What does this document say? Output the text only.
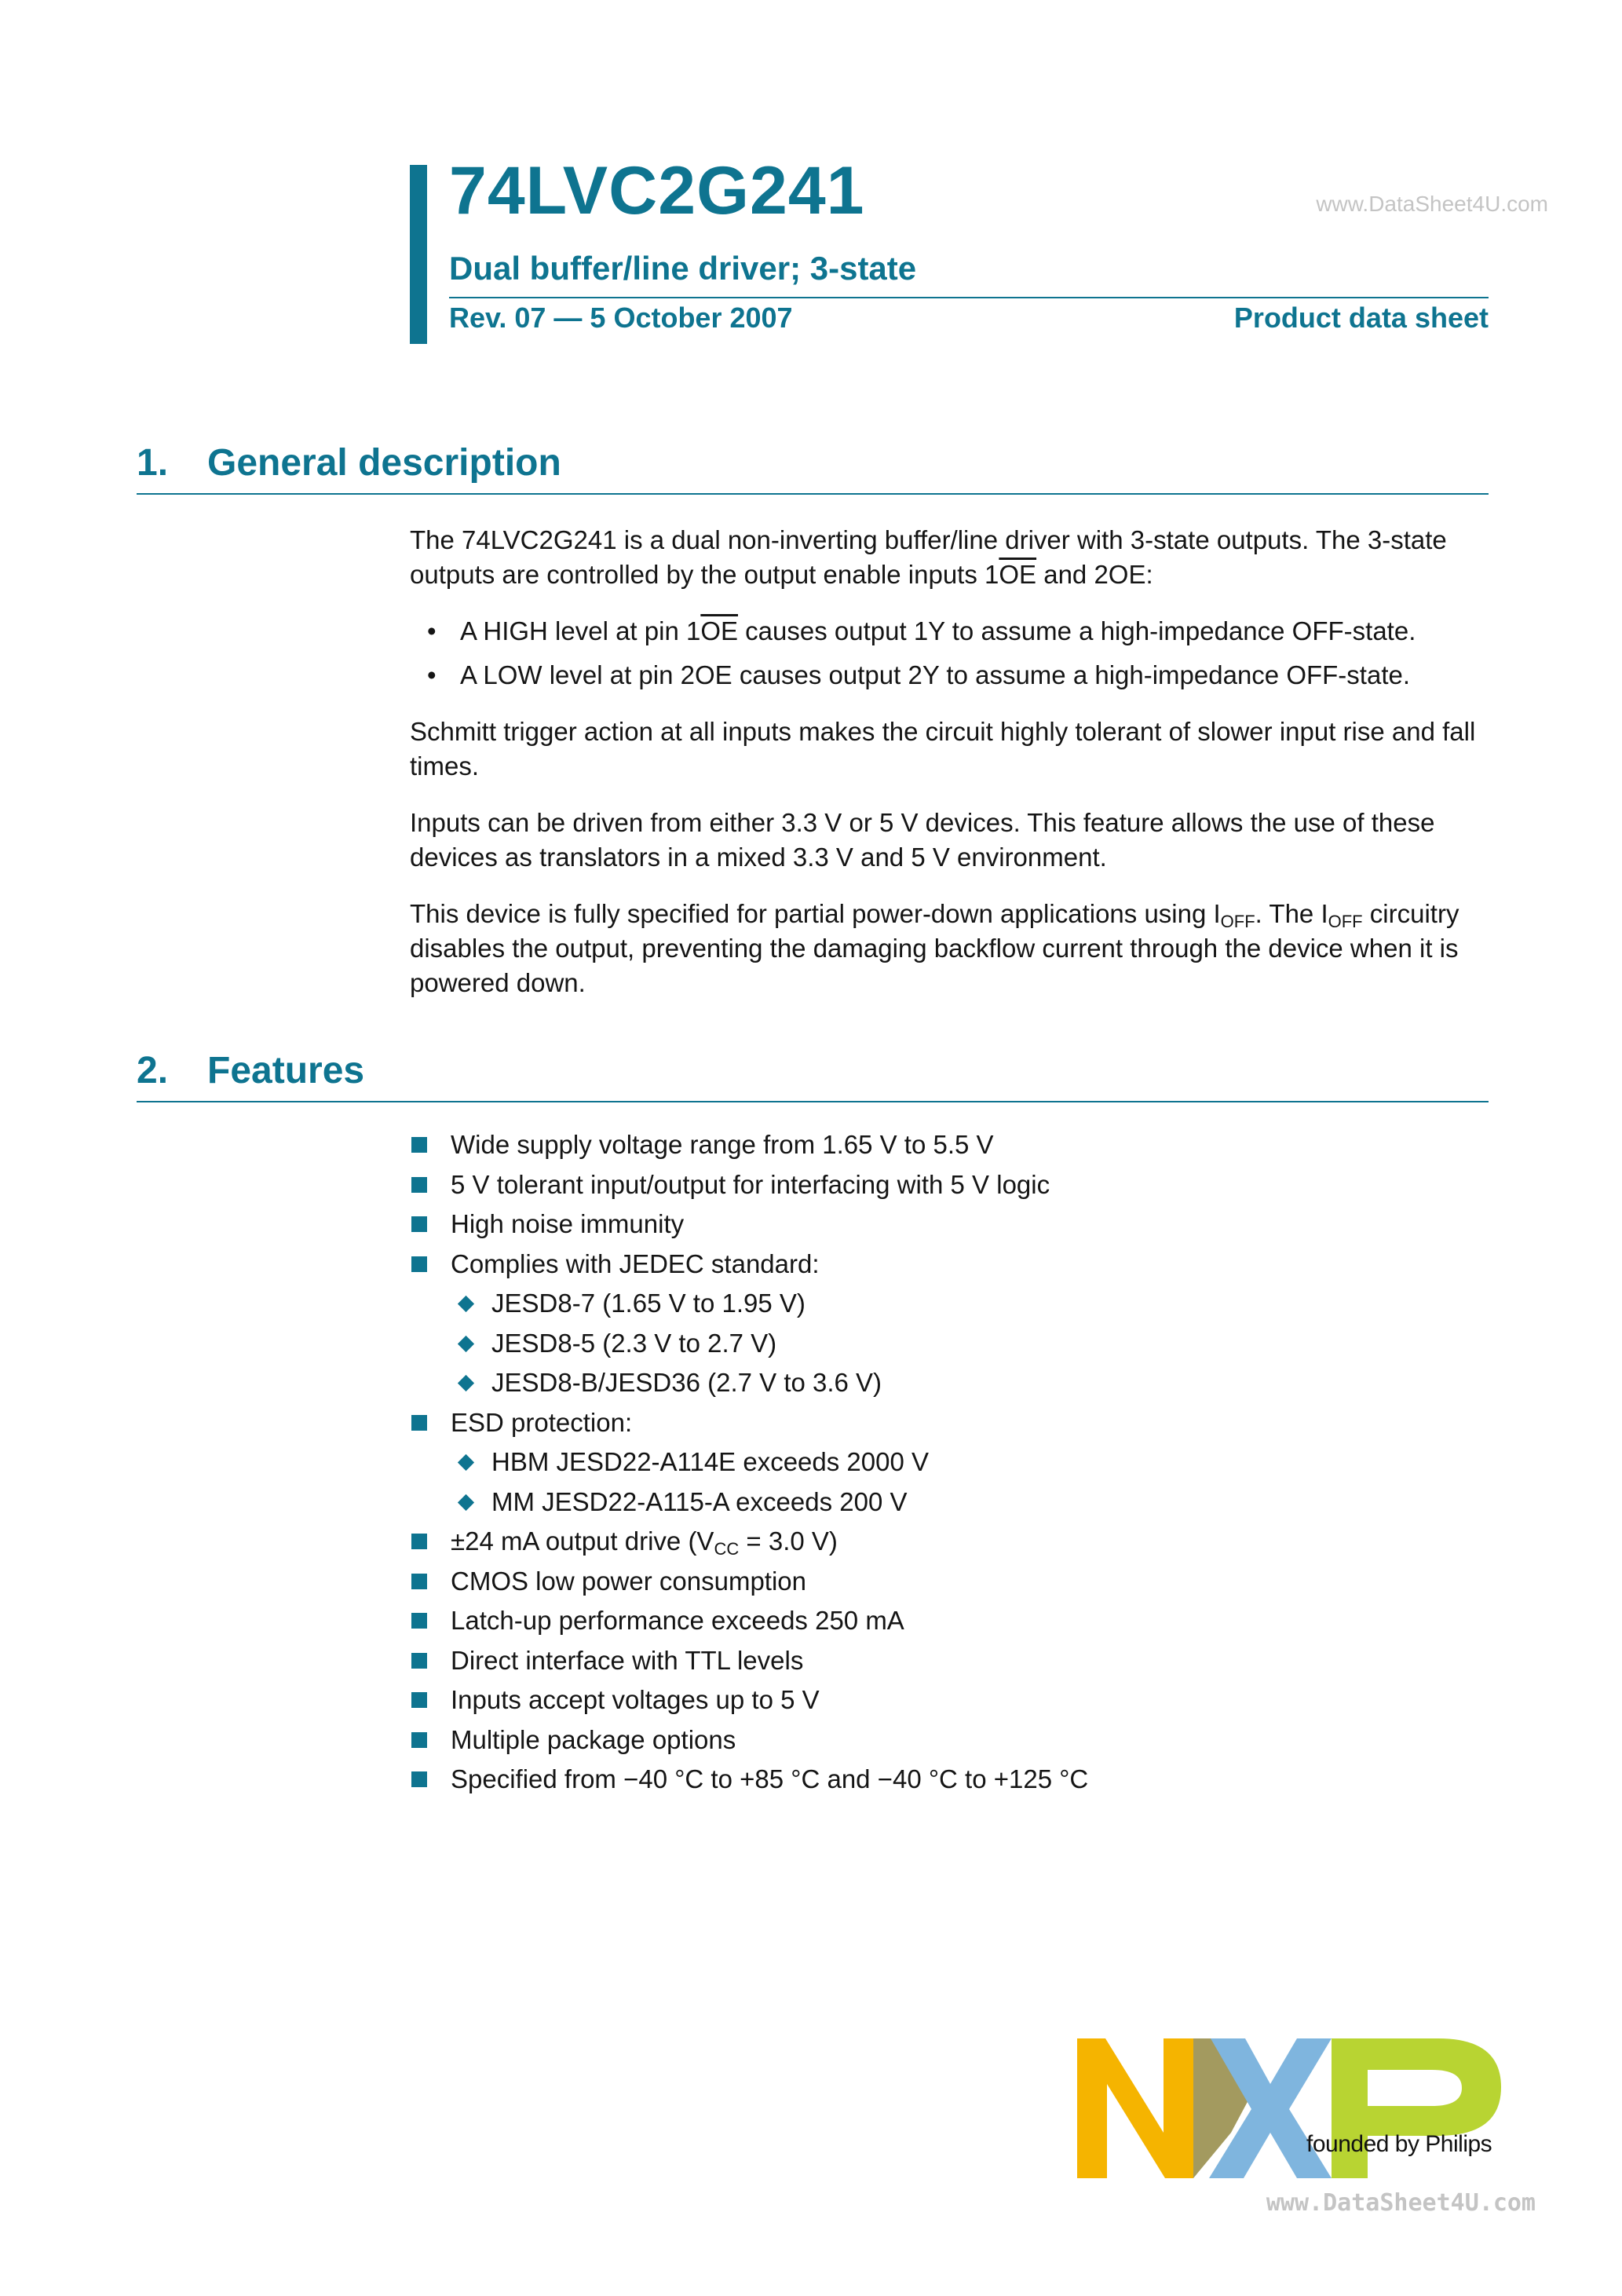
74LVC2G241	www.DataSheet4U.com
Dual buffer/line driver; 3-state
Rev. 07 — 5 October 2007	Product data sheet
1. General description

The 74LVC2G241 is a dual non-inverting buffer/line driver with 3-state outputs. The 3-state outputs are controlled by the output enable inputs $1\overline{OE}$ and 2OE:

• A HIGH level at pin $1\overline{OE}$ causes output 1Y to assume a high-impedance OFF-state.
• A LOW level at pin 2OE causes output 2Y to assume a high-impedance OFF-state.

Schmitt trigger action at all inputs makes the circuit highly tolerant of slower input rise and fall times.

Inputs can be driven from either 3.3 V or 5 V devices. This feature allows the use of these devices as translators in a mixed 3.3 V and 5 V environment.

This device is fully specified for partial power-down applications using $I_{OFF}$. The $I_{OFF}$ circuitry disables the output, preventing the damaging backflow current through the device when it is powered down.

2. Features
Wide supply voltage range from 1.65 V to 5.5 V
5 V tolerant input/output for interfacing with 5 V logic
High noise immunity
Complies with JEDEC standard:
JESD8-7 (1.65 V to 1.95 V)
JESD8-5 (2.3 V to 2.7 V)
JESD8-B/JESD36 (2.7 V to 3.6 V)
ESD protection:
HBM JESD22-A114E exceeds 2000 V
MM JESD22-A115-A exceeds 200 V
±24 mA output drive ($V_{CC} = 3.0$ V)
CMOS low power consumption
Latch-up performance exceeds 250 mA
Direct interface with TTL levels
Inputs accept voltages up to 5 V
Multiple package options
Specified from −40 °C to +85 °C and −40 °C to +125 °C
founded by Philips
www.DataSheet4U.com
